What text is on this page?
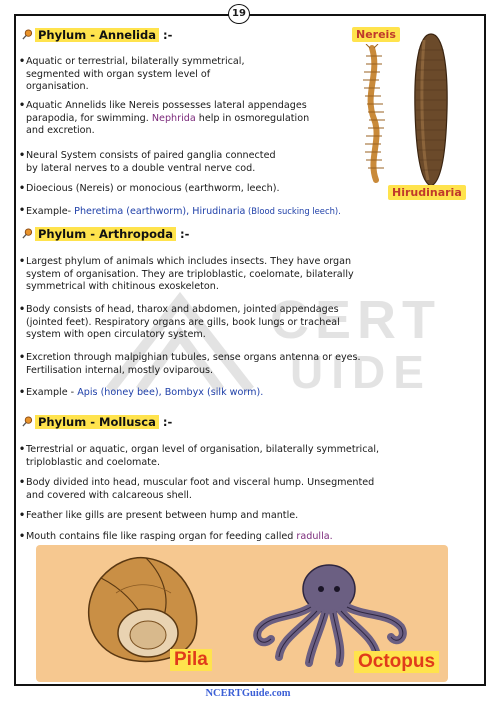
19
CERT
UIDE
Phylum - Annelida :-
• Aquatic or terrestrial, bilaterally symmetrical,
segmented with organ system level of
organisation.
• Aquatic Annelids like Nereis possesses lateral appendages
parapodia, for swimming. Nephrida help in osmoregulation
and excretion.
• Neural System consists of paired ganglia connected
by lateral nerves to a double ventral nerve cod.
• Dioecious (Nereis) or monocious (earthworm, leech).
• Example- Pheretima (earthworm), Hirudinaria (Blood sucking leech).
Nereis
Hirudinaria
Phylum - Arthropoda :-
• Largest phylum of animals which includes insects. They have organ
system of organisation. They are triploblastic, coelomate, bilaterally
symmetrical with chitinous exoskeleton.
• Body consists of head, tharox and abdomen, jointed appendages
(jointed feet). Respiratory organs are gills, book lungs or tracheal
system with open circulatory system.
• Excretion through malpighian tubules, sense organs antenna or eyes.
Fertilisation internal, mostly oviparous.
• Example - Apis (honey bee), Bombyx (silk worm).
Phylum - Mollusca :-
• Terrestrial or aquatic, organ level of organisation, bilaterally symmetrical,
triploblastic and coelomate.
• Body divided into head, muscular foot and visceral hump. Unsegmented
and covered with calcareous shell.
• Feather like gills are present between hump and mantle.
• Mouth contains file like rasping organ for feeding called radulla.
Pila	Octopus
NCERTGuide.com
